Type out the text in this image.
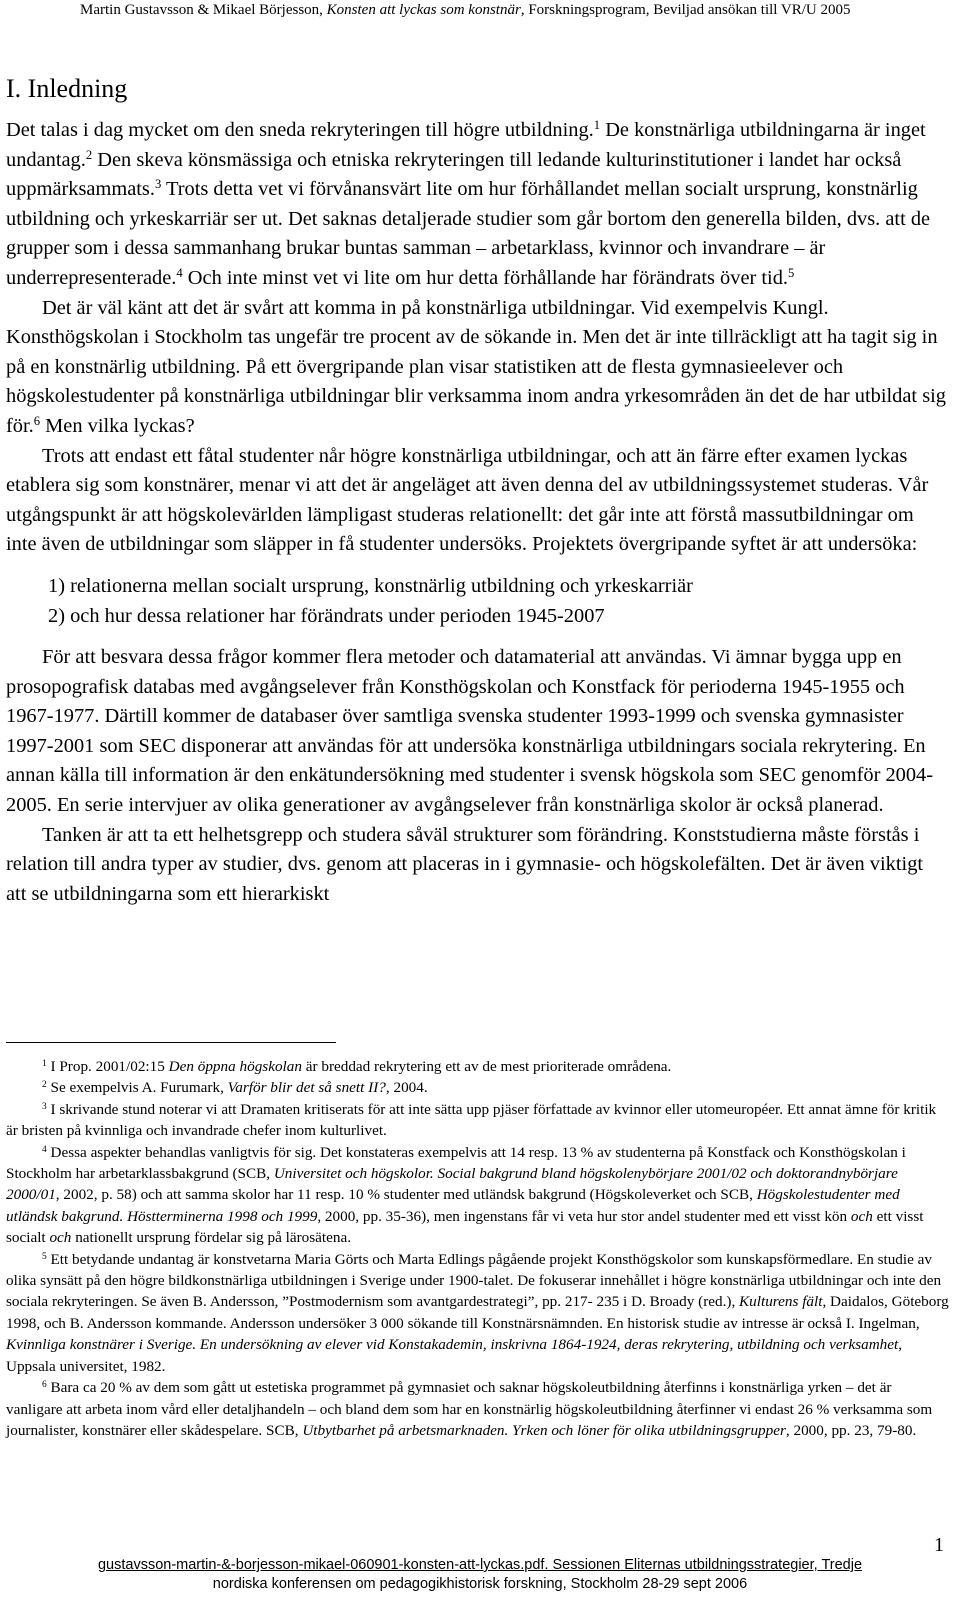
Martin Gustavsson & Mikael Börjesson, Konsten att lyckas som konstnär, Forskningsprogram, Beviljad ansökan till VR/U 2005
I. Inledning

Det talas i dag mycket om den sneda rekryteringen till högre utbildning.$^1$ De konstnärliga utbildningarna är inget undantag.$^2$ Den skeva könsmässiga och etniska rekryteringen till ledande kulturinstitutioner i landet har också uppmärksammats.$^3$ Trots detta vet vi förvånansvärt lite om hur förhållandet mellan socialt ursprung, konstnärlig utbildning och yrkeskarriär ser ut. Det saknas detaljerade studier som går bortom den generella bilden, dvs. att de grupper som i dessa sammanhang brukar buntas samman – arbetarklass, kvinnor och invandrare – är underrepresenterade.$^4$ Och inte minst vet vi lite om hur detta förhållande har förändrats över tid.$^5$

Det är väl känt att det är svårt att komma in på konstnärliga utbildningar. Vid exempelvis Kungl. Konsthögskolan i Stockholm tas ungefär tre procent av de sökande in. Men det är inte tillräckligt att ha tagit sig in på en konstnärlig utbildning. På ett övergripande plan visar statistiken att de flesta gymnasieelever och högskolestudenter på konstnärliga utbildningar blir verksamma inom andra yrkesområden än det de har utbildat sig för.$^6$ Men vilka lyckas?

Trots att endast ett fåtal studenter når högre konstnärliga utbildningar, och att än färre efter examen lyckas etablera sig som konstnärer, menar vi att det är angeläget att även denna del av utbildningssystemet studeras. Vår utgångspunkt är att högskolevärlden lämpligast studeras relationellt: det går inte att förstå massutbildningar om inte även de utbildningar som släpper in få studenter undersöks. Projektets övergripande syftet är att undersöka:

1) relationerna mellan socialt ursprung, konstnärlig utbildning och yrkeskarriär
2) och hur dessa relationer har förändrats under perioden 1945-2007

För att besvara dessa frågor kommer flera metoder och datamaterial att användas. Vi ämnar bygga upp en prosopografisk databas med avgångselever från Konsthögskolan och Konstfack för perioderna 1945-1955 och 1967-1977. Därtill kommer de databaser över samtliga svenska studenter 1993-1999 och svenska gymnasister 1997-2001 som SEC disponerar att användas för att undersöka konstnärliga utbildningars sociala rekrytering. En annan källa till information är den enkätundersökning med studenter i svensk högskola som SEC genomför 2004-2005. En serie intervjuer av olika generationer av avgångselever från konstnärliga skolor är också planerad.

Tanken är att ta ett helhetsgrepp och studera såväl strukturer som förändring. Konststudierna måste förstås i relation till andra typer av studier, dvs. genom att placeras in i gymnasie- och högskolefälten. Det är även viktigt att se utbildningarna som ett hierarkiskt

$^1$ I Prop. 2001/02:15 Den öppna högskolan är breddad rekrytering ett av de mest prioriterade områdena.

$^2$ Se exempelvis A. Furumark, Varför blir det så snett II?, 2004.

$^3$ I skrivande stund noterar vi att Dramaten kritiserats för att inte sätta upp pjäser författade av kvinnor eller utomeuropéer. Ett annat ämne för kritik är bristen på kvinnliga och invandrade chefer inom kulturlivet.

$^4$ Dessa aspekter behandlas vanligtvis för sig. Det konstateras exempelvis att 14 resp. 13 % av studenterna på Konstfack och Konsthögskolan i Stockholm har arbetarklassbakgrund (SCB, Universitet och högskolor. Social bakgrund bland högskolenybörjare 2001/02 och doktorandnybörjare 2000/01, 2002, p. 58) och att samma skolor har 11 resp. 10 % studenter med utländsk bakgrund (Högskoleverket och SCB, Högskolestudenter med utländsk bakgrund. Höstterminerna 1998 och 1999, 2000, pp. 35-36), men ingenstans får vi veta hur stor andel studenter med ett visst kön och ett visst socialt och nationellt ursprung fördelar sig på lärosätena.

$^5$ Ett betydande undantag är konstvetarna Maria Görts och Marta Edlings pågående projekt Konsthögskolor som kunskapsförmedlare. En studie av olika synsätt på den högre bildkonstnärliga utbildningen i Sverige under 1900-talet. De fokuserar innehållet i högre konstnärliga utbildningar och inte den sociala rekryteringen. Se även B. Andersson, ”Postmodernism som avantgardestrategi”, pp. 217- 235 i D. Broady (red.), Kulturens fält, Daidalos, Göteborg 1998, och B. Andersson kommande. Andersson undersöker 3 000 sökande till Konstnärsnämnden. En historisk studie av intresse är också I. Ingelman, Kvinnliga konstnärer i Sverige. En undersökning av elever vid Konstakademin, inskrivna 1864-1924, deras rekrytering, utbildning och verksamhet, Uppsala universitet, 1982.

$^6$ Bara ca 20 % av dem som gått ut estetiska programmet på gymnasiet och saknar högskoleutbildning återfinns i konstnärliga yrken – det är vanligare att arbeta inom vård eller detaljhandeln – och bland dem som har en konstnärlig högskoleutbildning återfinner vi endast 26 % verksamma som journalister, konstnärer eller skådespelare. SCB, Utbytbarhet på arbetsmarknaden. Yrken och löner för olika utbildningsgrupper, 2000, pp. 23, 79-80.

1
gustavsson-martin-&-borjesson-mikael-060901-konsten-att-lyckas.pdf. Sessionen Eliternas utbildningsstrategier, Tredje
nordiska konferensen om pedagogikhistorisk forskning, Stockholm 28-29 sept 2006
